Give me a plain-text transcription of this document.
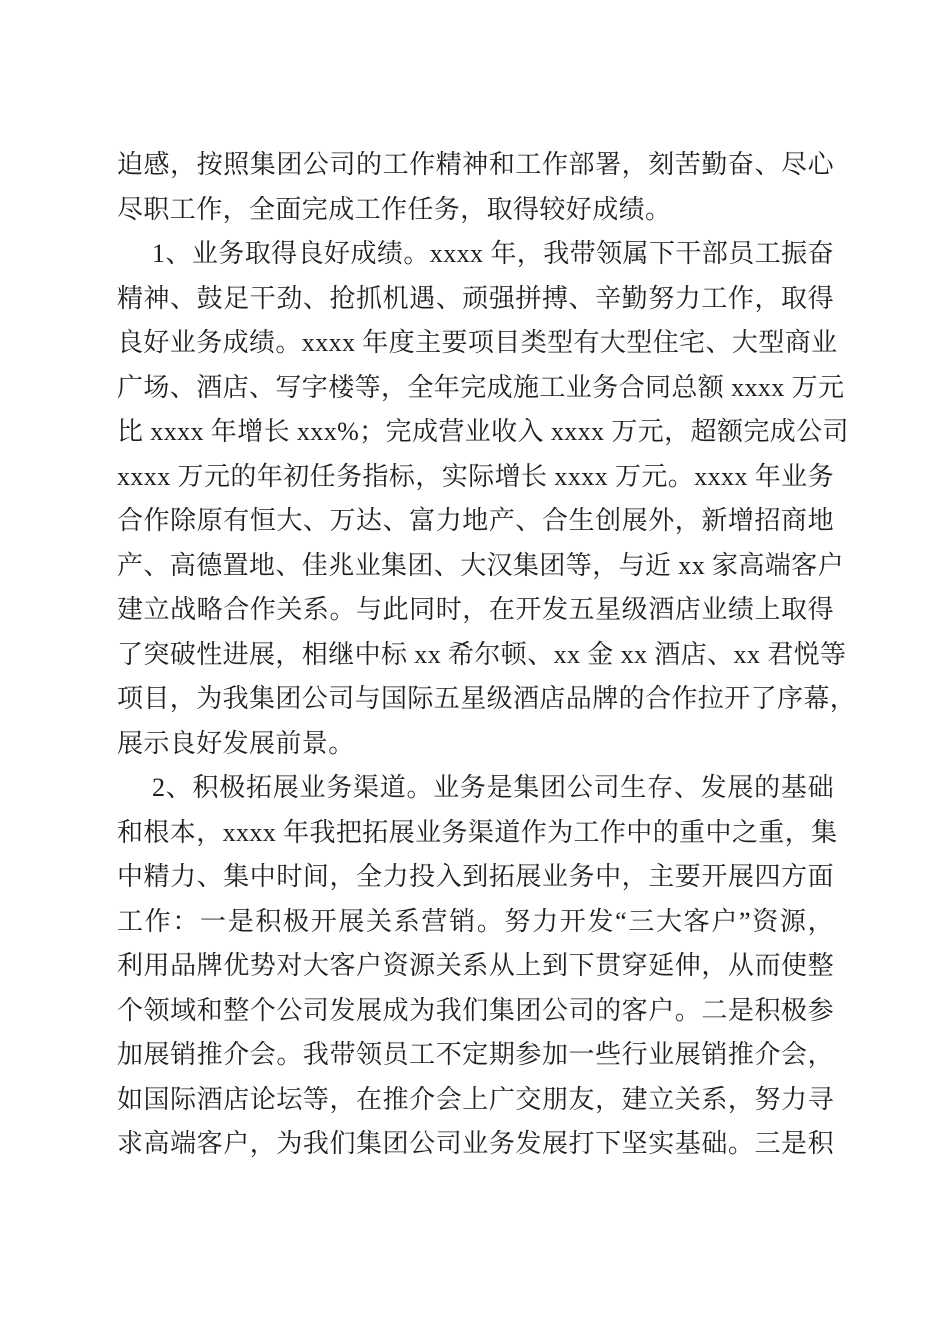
迫感，按照集团公司的工作精神和工作部署，刻苦勤奋、尽心
尽职工作，全面完成工作任务，取得较好成绩。
1、业务取得良好成绩。xxxx 年，我带领属下干部员工振奋
精神、鼓足干劲、抢抓机遇、顽强拼搏、辛勤努力工作，取得
良好业务成绩。xxxx 年度主要项目类型有大型住宅、大型商业
广场、酒店、写字楼等，全年完成施工业务合同总额 xxxx 万元
比 xxxx 年增长 xxx%；完成营业收入 xxxx 万元，超额完成公司
xxxx 万元的年初任务指标，实际增长 xxxx 万元。xxxx 年业务
合作除原有恒大、万达、富力地产、合生创展外，新增招商地
产、高德置地、佳兆业集团、大汉集团等，与近 xx 家高端客户
建立战略合作关系。与此同时，在开发五星级酒店业绩上取得
了突破性进展，相继中标 xx 希尔顿、xx 金 xx 酒店、xx 君悦等
项目，为我集团公司与国际五星级酒店品牌的合作拉开了序幕，
展示良好发展前景。
2、积极拓展业务渠道。业务是集团公司生存、发展的基础
和根本，xxxx 年我把拓展业务渠道作为工作中的重中之重，集
中精力、集中时间，全力投入到拓展业务中，主要开展四方面
工作：一是积极开展关系营销。努力开发“三大客户”资源，
利用品牌优势对大客户资源关系从上到下贯穿延伸，从而使整
个领域和整个公司发展成为我们集团公司的客户。二是积极参
加展销推介会。我带领员工不定期参加一些行业展销推介会，
如国际酒店论坛等，在推介会上广交朋友，建立关系，努力寻
求高端客户，为我们集团公司业务发展打下坚实基础。三是积
